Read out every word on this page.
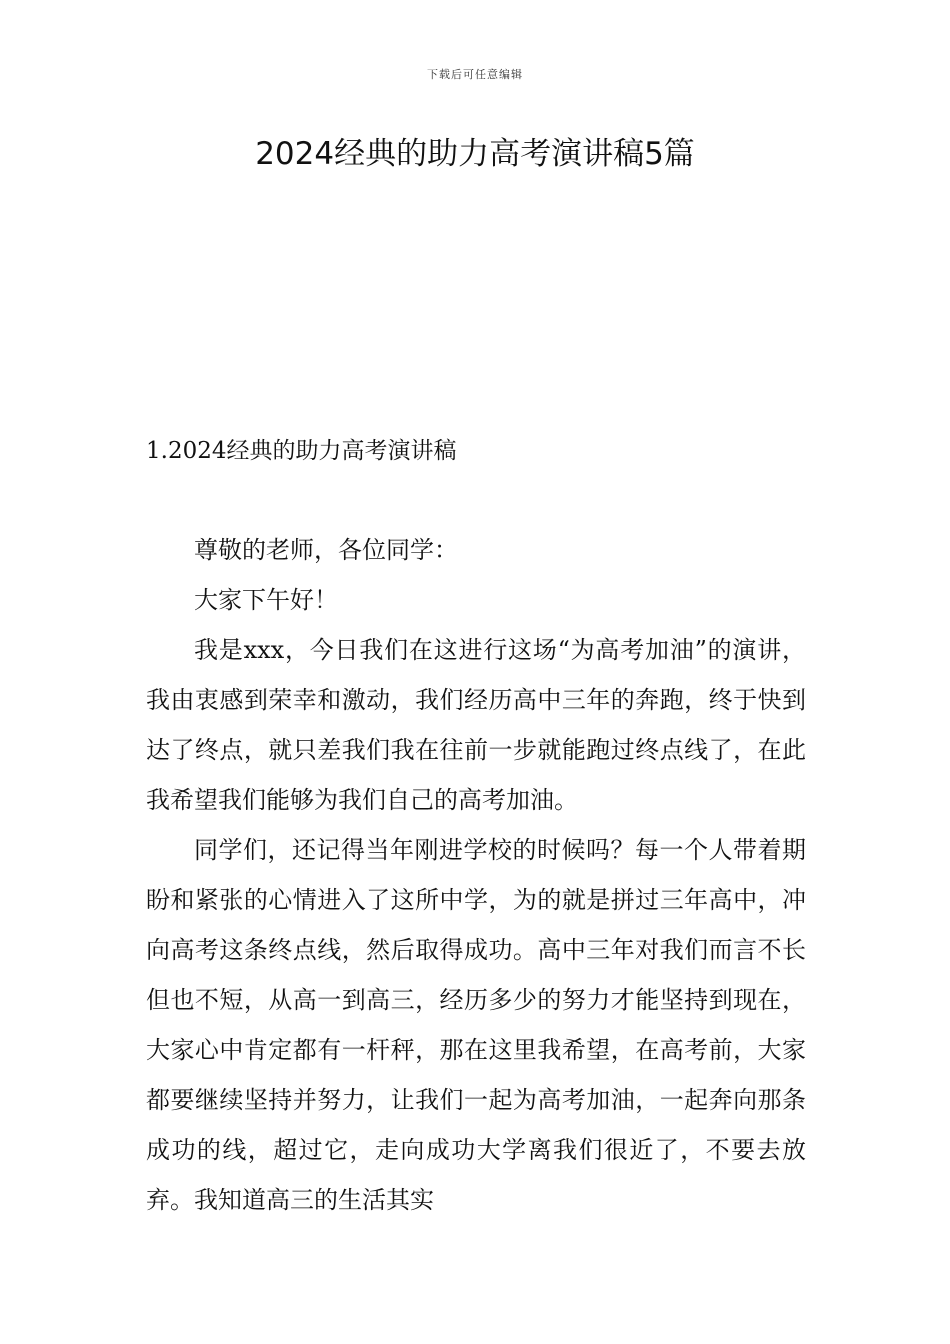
下载后可任意编辑
2024经典的助力高考演讲稿5篇
1.2024经典的助力高考演讲稿

尊敬的老师，各位同学：

大家下午好！

我是xxx，今日我们在这进行这场“为高考加油”的演讲，我由衷感到荣幸和激动，我们经历高中三年的奔跑，终于快到达了终点，就只差我们我在往前一步就能跑过终点线了，在此我希望我们能够为我们自己的高考加油。

同学们，还记得当年刚进学校的时候吗？每一个人带着期盼和紧张的心情进入了这所中学，为的就是拼过三年高中，冲向高考这条终点线，然后取得成功。高中三年对我们而言不长但也不短，从高一到高三，经历多少的努力才能坚持到现在，大家心中肯定都有一杆秤，那在这里我希望，在高考前，大家都要继续坚持并努力，让我们一起为高考加油，一起奔向那条成功的线，超过它，走向成功大学离我们很近了，不要去放弃。我知道高三的生活其实
